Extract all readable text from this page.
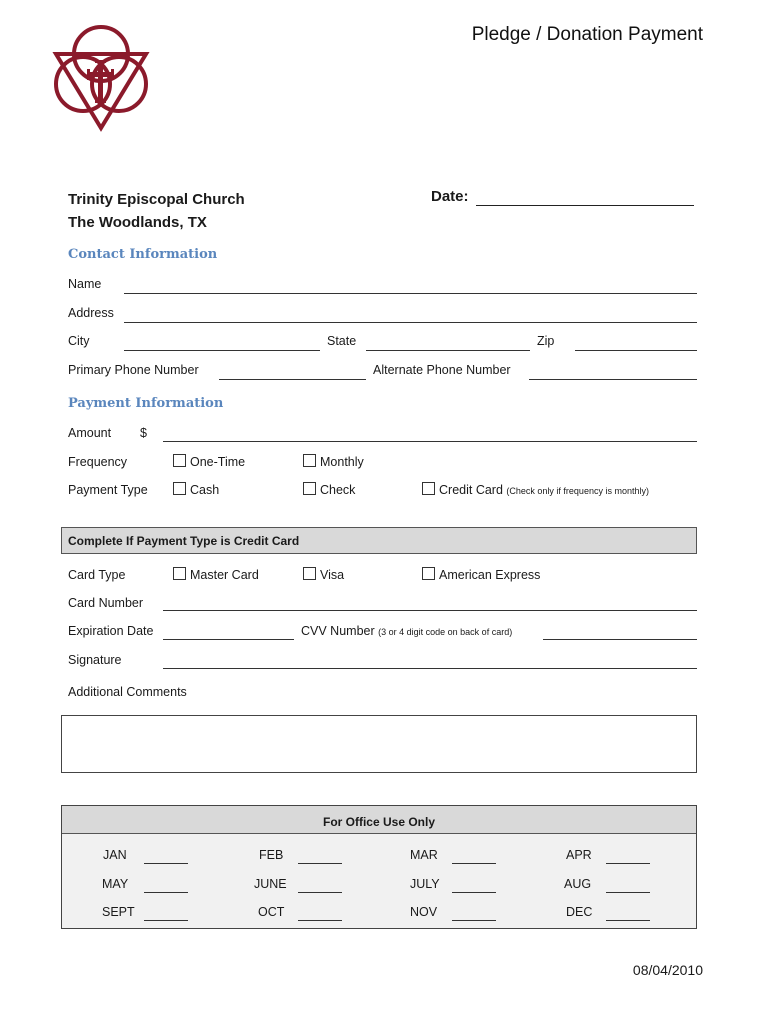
Pledge / Donation Payment
Trinity Episcopal Church
The Woodlands, TX
Date:
Contact Information
Name
Address
City	State	Zip
Primary Phone Number	Alternate Phone Number
Payment Information
Amount $
Frequency	One-Time	Monthly
Payment Type	Cash	Check	Credit Card (Check only if frequency is monthly)
Complete If Payment Type is Credit Card
Card Type	Master Card	Visa	American Express
Card Number
Expiration Date	CVV Number (3 or 4 digit code on back of card)
Signature
Additional Comments
$_{For Office Use Only}$
JAN	FEB	MAR	APR
MAY	JUNE	JULY	AUG
SEPT	OCT	NOV	DEC
08/04/2010
